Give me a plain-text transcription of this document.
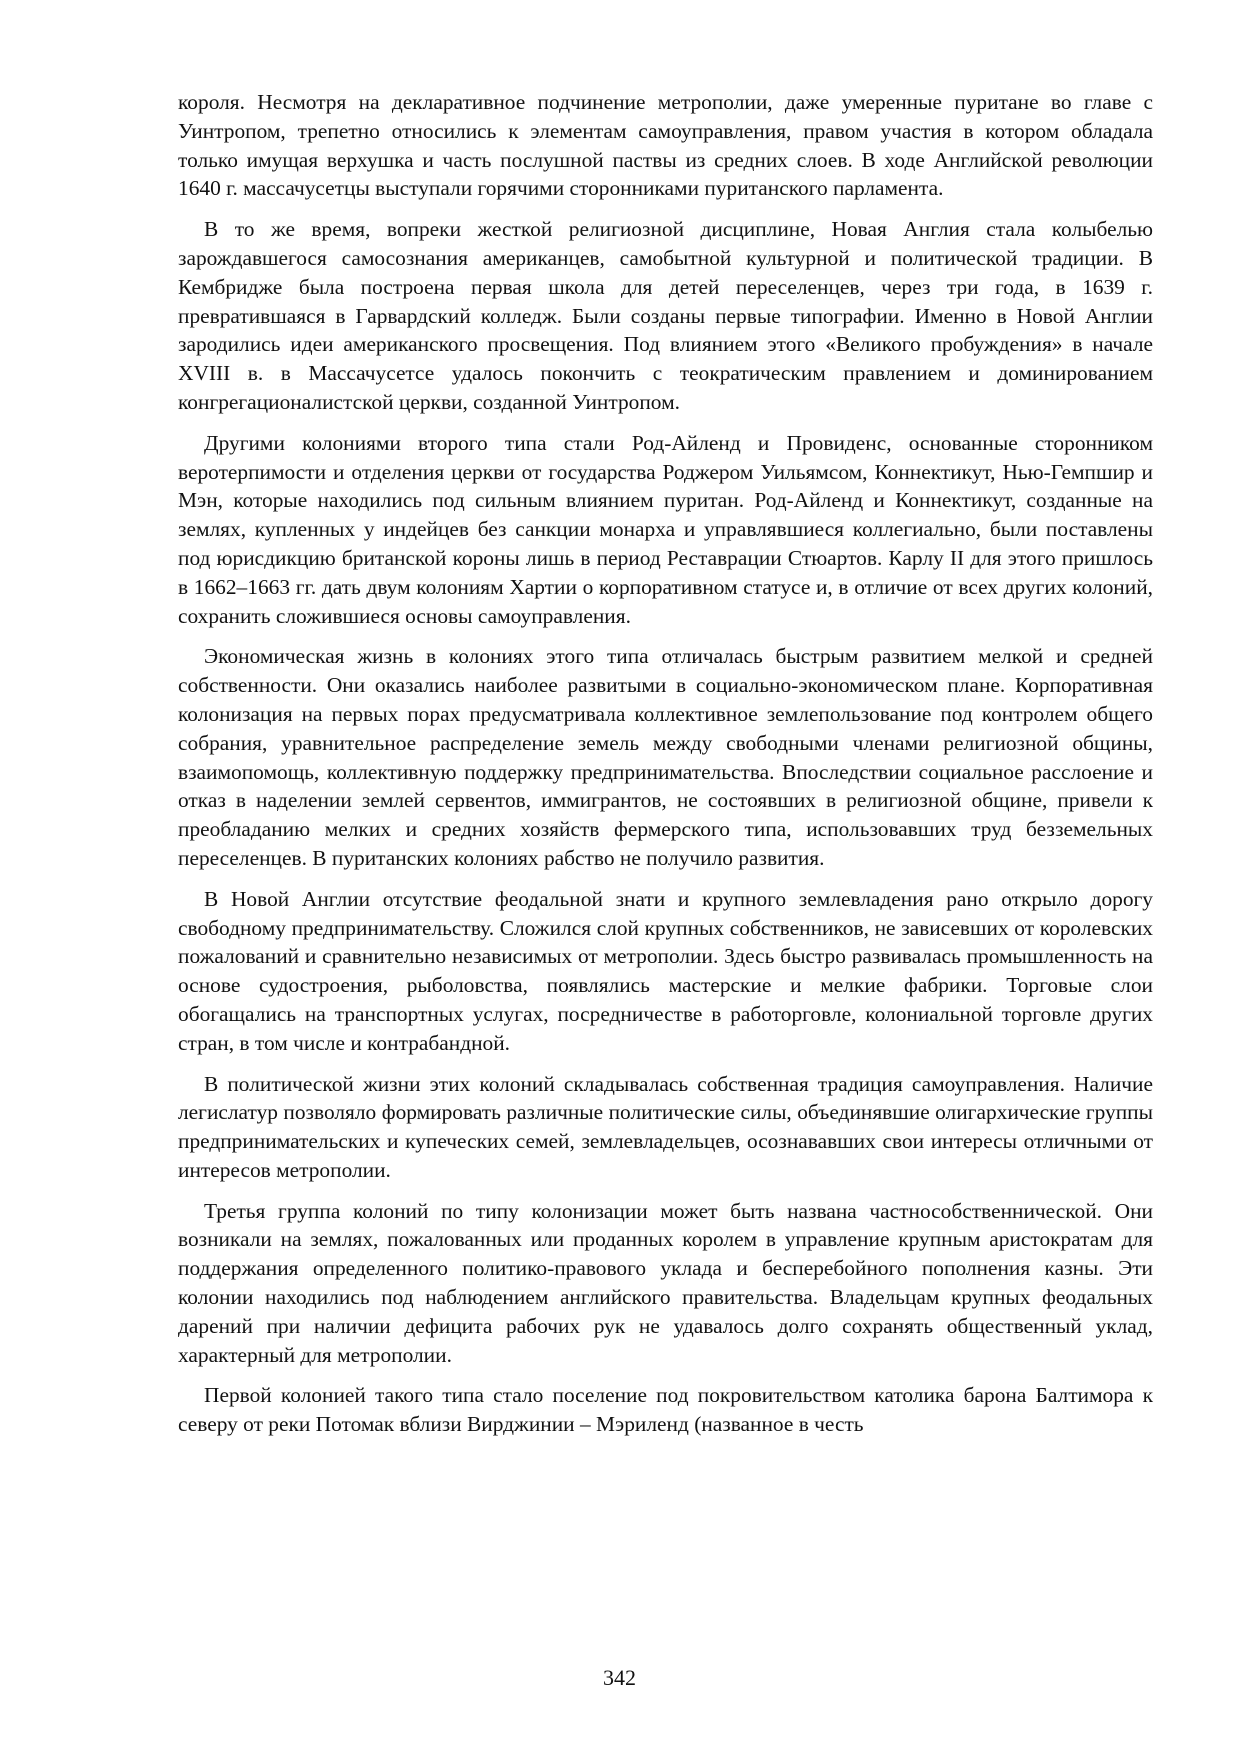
короля. Несмотря на декларативное подчинение метрополии, даже умеренные пуритане во главе с Уинтропом, трепетно относились к элементам самоуправления, правом участия в котором обладала только имущая верхушка и часть послушной паствы из средних слоев. В ходе Английской революции 1640 г. массачусетцы выступали горячими сторонниками пуританского парламента.

В то же время, вопреки жесткой религиозной дисциплине, Новая Англия стала колыбелью зарождавшегося самосознания американцев, самобытной культурной и политической традиции. В Кембридже была построена первая школа для детей переселенцев, через три года, в 1639 г. превратившаяся в Гарвардский колледж. Были созданы первые типографии. Именно в Новой Англии зародились идеи американского просвещения. Под влиянием этого «Великого пробуждения» в начале XVIII в. в Массачусетсе удалось покончить с теократическим правлением и доминированием конгрегационалистской церкви, созданной Уинтропом.

Другими колониями второго типа стали Род-Айленд и Провиденс, основанные сторонником веротерпимости и отделения церкви от государства Роджером Уильямсом, Коннектикут, Нью-Гемпшир и Мэн, которые находились под сильным влиянием пуритан. Род-Айленд и Коннектикут, созданные на землях, купленных у индейцев без санкции монарха и управлявшиеся коллегиально, были поставлены под юрисдикцию британской короны лишь в период Реставрации Стюартов. Карлу II для этого пришлось в 1662–1663 гг. дать двум колониям Хартии о корпоративном статусе и, в отличие от всех других колоний, сохранить сложившиеся основы самоуправления.

Экономическая жизнь в колониях этого типа отличалась быстрым развитием мелкой и средней собственности. Они оказались наиболее развитыми в социально-экономическом плане. Корпоративная колонизация на первых порах предусматривала коллективное землепользование под контролем общего собрания, уравнительное распределение земель между свободными членами религиозной общины, взаимопомощь, коллективную поддержку предпринимательства. Впоследствии социальное расслоение и отказ в наделении землей сервентов, иммигрантов, не состоявших в религиозной общине, привели к преобладанию мелких и средних хозяйств фермерского типа, использовавших труд безземельных переселенцев. В пуританских колониях рабство не получило развития.

В Новой Англии отсутствие феодальной знати и крупного землевладения рано открыло дорогу свободному предпринимательству. Сложился слой крупных собственников, не зависевших от королевских пожалований и сравнительно независимых от метрополии. Здесь быстро развивалась промышленность на основе судостроения, рыболовства, появлялись мастерские и мелкие фабрики. Торговые слои обогащались на транспортных услугах, посредничестве в работорговле, колониальной торговле других стран, в том числе и контрабандной.

В политической жизни этих колоний складывалась собственная традиция самоуправления. Наличие легислатур позволяло формировать различные политические силы, объединявшие олигархические группы предпринимательских и купеческих семей, землевладельцев, осознававших свои интересы отличными от интересов метрополии.

Третья группа колоний по типу колонизации может быть названа частнособственнической. Они возникали на землях, пожалованных или проданных королем в управление крупным аристократам для поддержания определенного политико-правового уклада и бесперебойного пополнения казны. Эти колонии находились под наблюдением английского правительства. Владельцам крупных феодальных дарений при наличии дефицита рабочих рук не удавалось долго сохранять общественный уклад, характерный для метрополии.

Первой колонией такого типа стало поселение под покровительством католика барона Балтимора к северу от реки Потомак вблизи Вирджинии – Мэриленд (названное в честь

342
